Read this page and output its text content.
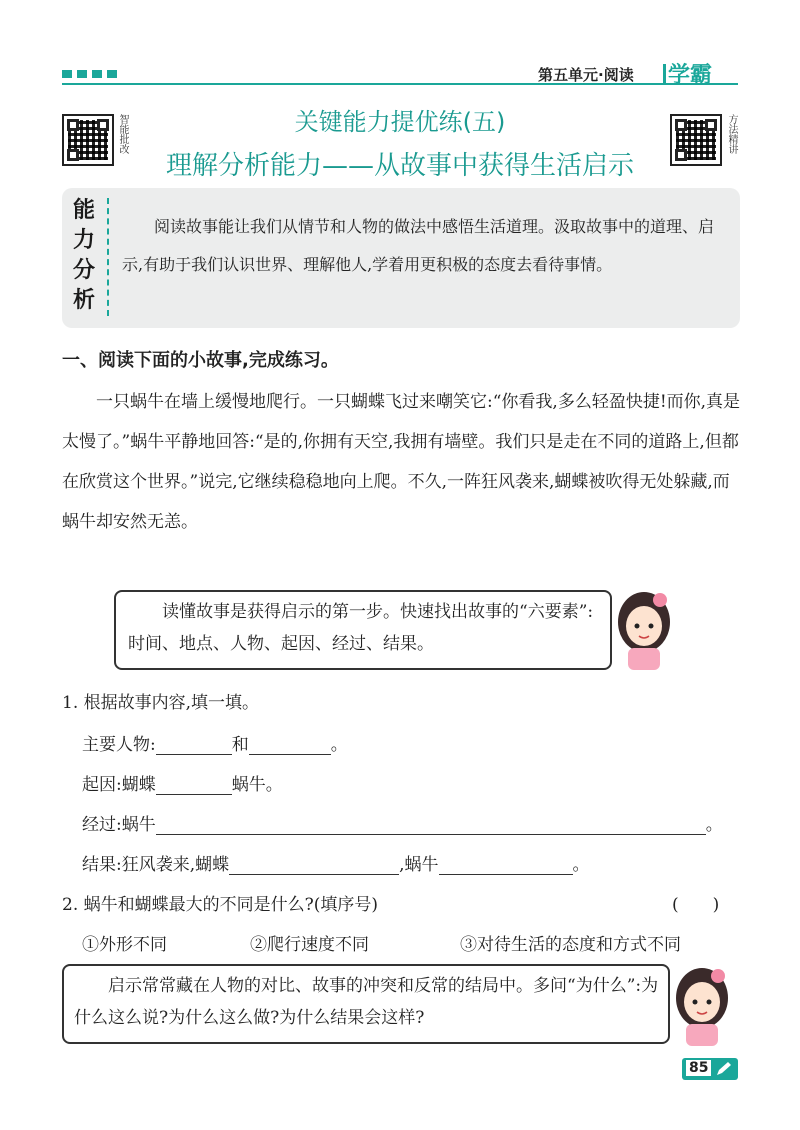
第五单元·阅读 学霸
智能批改	方法精讲
关键能力提优练(五)
理解分析能力——从故事中获得生活启示
能
力
分
析

阅读故事能让我们从情节和人物的做法中感悟生活道理。汲取故事中的道理、启示,有助于我们认识世界、理解他人,学着用更积极的态度去看待事情。

一、阅读下面的小故事,完成练习。

一只蜗牛在墙上缓慢地爬行。一只蝴蝶飞过来嘲笑它:“你看我,多么轻盈快捷!而你,真是太慢了。”蜗牛平静地回答:“是的,你拥有天空,我拥有墙壁。我们只是走在不同的道路上,但都在欣赏这个世界。”说完,它继续稳稳地向上爬。不久,一阵狂风袭来,蝴蝶被吹得无处躲藏,而蜗牛却安然无恙。

读懂故事是获得启示的第一步。快速找出故事的“六要素”:时间、地点、人物、起因、经过、结果。

1. 根据故事内容,填一填。
主要人物:	和	。
起因:蝴蝶	蜗牛。
经过:蜗牛	。
结果:狂风袭来,蝴蝶	,蜗牛	。
2. 蜗牛和蝴蝶最大的不同是什么?(填序号)	(　　)
①外形不同	②爬行速度不同	③对待生活的态度和方式不同

启示常常藏在人物的对比、故事的冲突和反常的结局中。多问“为什么”:为什么这么说?为什么这么做?为什么结果会这样?

85
